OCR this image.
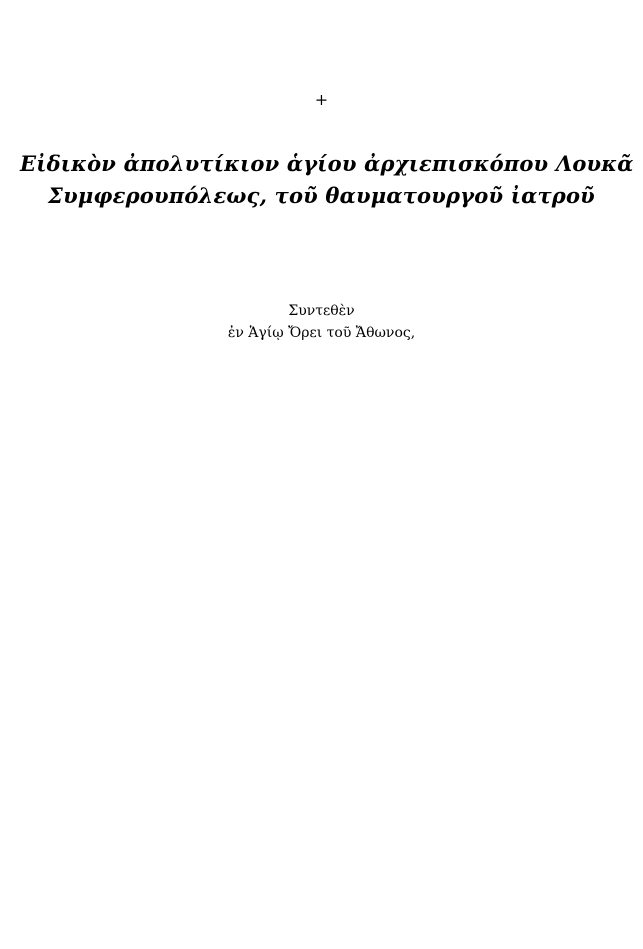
+
Εἰδικὸν ἀπολυτίκιον ἁγίου ἀρχιεπισκόπου Λουκᾶ
Συμφερουπόλεως, τοῦ θαυματουργοῦ ἰατροῦ
Συντεθὲν
ἐν Ἁγίῳ Ὄρει τοῦ Ἄθωνος,
